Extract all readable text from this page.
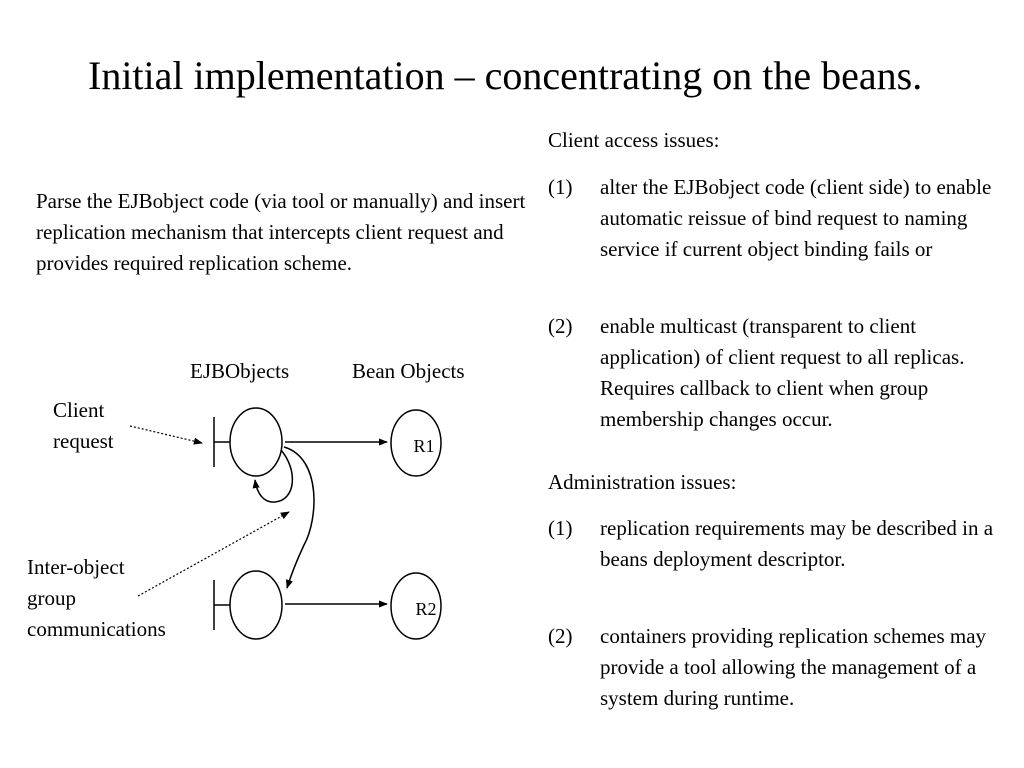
Initial implementation – concentrating on the beans.
Parse the EJBobject code (via tool or manually) and insert replication mechanism that intercepts client request and provides required replication scheme.
Client access issues:
(1) alter the EJBobject code (client side) to enable automatic reissue of bind request to naming service if current object binding fails or
(2) enable multicast (transparent to client application) of client request to all replicas. Requires callback to client when group membership changes occur.
Administration issues:
(1) replication requirements may be described in a beans deployment descriptor.
(2) containers providing replication schemes may provide a tool allowing the management of a system during runtime.
EJBObjects	Bean Objects
Client
request
Inter-object
group
communications
R1
R2
